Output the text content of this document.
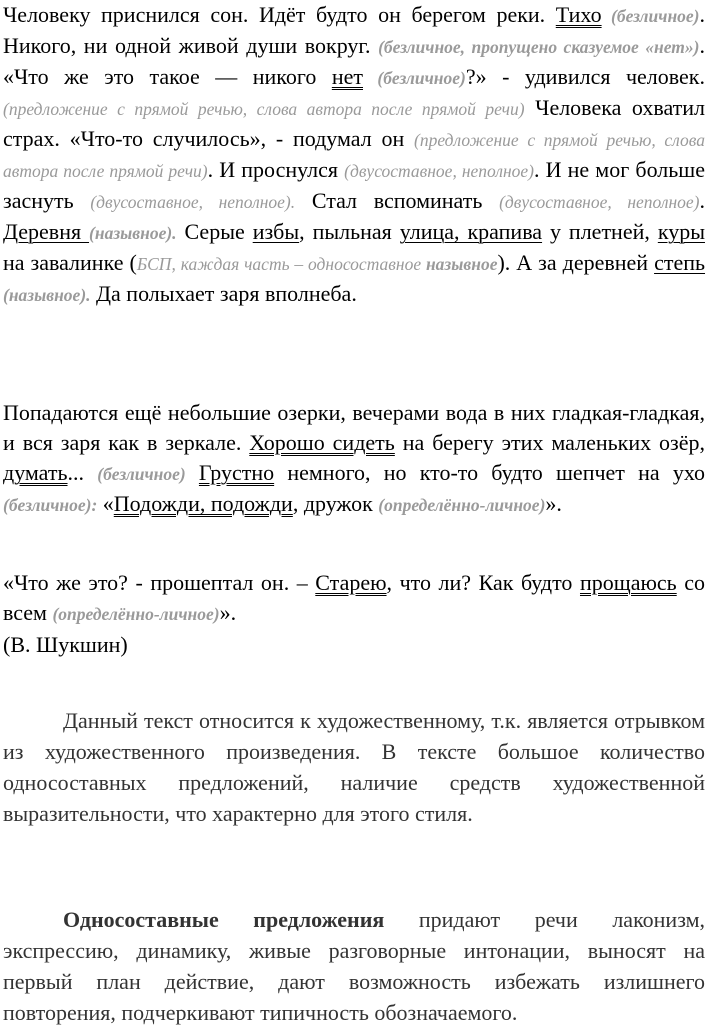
Человеку приснился сон. Идёт будто он берегом реки. Тихо (безличное). Никого, ни одной живой души вокруг. (безличное, пропущено сказуемое «нет»). «Что же это такое — никого нет (безличное)?» - удивился человек. (предложение с прямой речью, слова автора после прямой речи) Человека охватил страх. «Что-то случилось», - подумал он (предложение с прямой речью, слова автора после прямой речи). И проснулся (двусоставное, неполное). И не мог больше заснуть (двусоставное, неполное). Стал вспоминать (двусоставное, неполное). Деревня (назывное). Серые избы, пыльная улица, крапива у плетней, куры на завалинке (БСП, каждая часть – односоставное назывное). А за деревней степь (назывное). Да полыхает заря вполнеба.

Попадаются ещё небольшие озерки, вечерами вода в них гладкая-гладкая, и вся заря как в зеркале. Хорошо сидеть на берегу этих маленьких озёр, думать... (безличное) Грустно немного, но кто-то будто шепчет на ухо (безличное): «Подожди, подожди, дружок (определённо-личное)».

«Что же это? - прошептал он. – Старею, что ли? Как будто прощаюсь со всем (определённо-личное)».

(В. Шукшин)

Данный текст относится к художественному, т.к. является отрывком из художественного произведения. В тексте большое количество односоставных предложений, наличие средств художественной выразительности, что характерно для этого стиля.

Односоставные предложения придают речи лаконизм, экспрессию, динамику, живые разговорные интонации, выносят на первый план действие, дают возможность избежать излишнего повторения, подчеркивают типичность обозначаемого.
